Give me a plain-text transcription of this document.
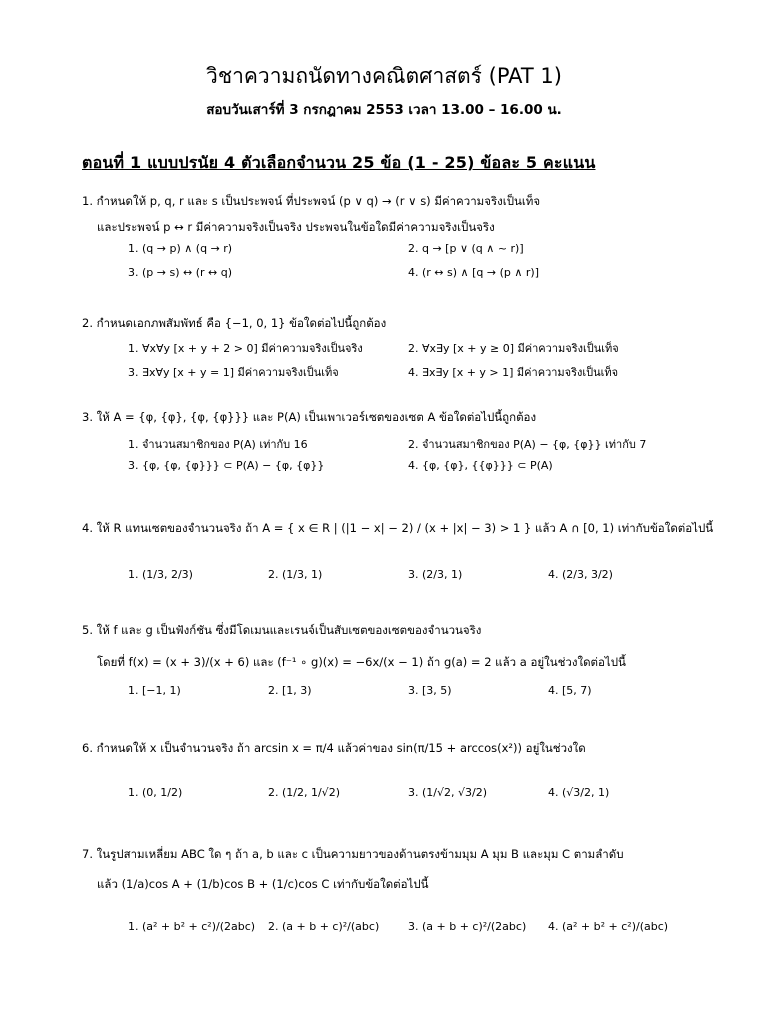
วิชาความถนัดทางคณิตศาสตร์ (PAT 1)
สอบวันเสาร์ที่ 3 กรกฎาคม 2553 เวลา 13.00 – 16.00 น.
ตอนที่ 1 แบบปรนัย 4 ตัวเลือกจำนวน 25 ข้อ (1 - 25) ข้อละ 5 คะแนน
1. กำหนดให้ p, q, r และ s เป็นประพจน์ ที่ประพจน์ (p ∨ q) → (r ∨ s) มีค่าความจริงเป็นเท็จ
และประพจน์ p ↔ r มีค่าความจริงเป็นจริง ประพจนในข้อใดมีค่าความจริงเป็นจริง
1. (q → p) ∧ (q → r)	2. q → [p ∨ (q ∧ ~ r)]
3. (p → s) ↔ (r ↔ q)	4. (r ↔ s) ∧ [q → (p ∧ r)]
2. กำหนดเอกภพสัมพัทธ์ คือ {−1, 0, 1} ข้อใดต่อไปนี้ถูกต้อง
1. ∀x∀y [x + y + 2 > 0] มีค่าความจริงเป็นจริง	2. ∀x∃y [x + y ≥ 0] มีค่าความจริงเป็นเท็จ
3. ∃x∀y [x + y = 1] มีค่าความจริงเป็นเท็จ	4. ∃x∃y [x + y > 1] มีค่าความจริงเป็นเท็จ
3. ให้ A = {φ, {φ}, {φ, {φ}}} และ P(A) เป็นเพาเวอร์เซตของเซต A ข้อใดต่อไปนี้ถูกต้อง
1. จำนวนสมาชิกของ P(A) เท่ากับ 16	2. จำนวนสมาชิกของ P(A) − {φ, {φ}} เท่ากับ 7
3. {φ, {φ, {φ}}} ⊂ P(A) − {φ, {φ}}	4. {φ, {φ}, {{φ}}} ⊂ P(A)
4. ให้ R แทนเซตของจำนวนจริง ถ้า A = { x ∈ R | (|1 − x| − 2) / (x + |x| − 3) > 1 } แล้ว A ∩ [0, 1) เท่ากับข้อใดต่อไปนี้
1. (1/3, 2/3)	2. (1/3, 1)	3. (2/3, 1)	4. (2/3, 3/2)
5. ให้ f และ g เป็นฟังก์ชัน ซึ่งมีโดเมนและเรนจ์เป็นสับเซตของเซตของจำนวนจริง
โดยที่ f(x) = (x + 3)/(x + 6) และ (f⁻¹ ∘ g)(x) = −6x/(x − 1) ถ้า g(a) = 2 แล้ว a อยู่ในช่วงใดต่อไปนี้
1. [−1, 1)	2. [1, 3)	3. [3, 5)	4. [5, 7)
6. กำหนดให้ x เป็นจำนวนจริง ถ้า arcsin x = π/4 แล้วค่าของ sin(π/15 + arccos(x²)) อยู่ในช่วงใด
1. (0, 1/2)	2. (1/2, 1/√2)	3. (1/√2, √3/2)	4. (√3/2, 1)
7. ในรูปสามเหลี่ยม ABC ใด ๆ ถ้า a, b และ c เป็นความยาวของด้านตรงข้ามมุม A มุม B และมุม C ตามลำดับ
แล้ว (1/a)cos A + (1/b)cos B + (1/c)cos C เท่ากับข้อใดต่อไปนี้
1. (a² + b² + c²)/(2abc) 2. (a + b + c)²/(abc)	3. (a + b + c)²/(2abc) 4. (a² + b² + c²)/(abc)
